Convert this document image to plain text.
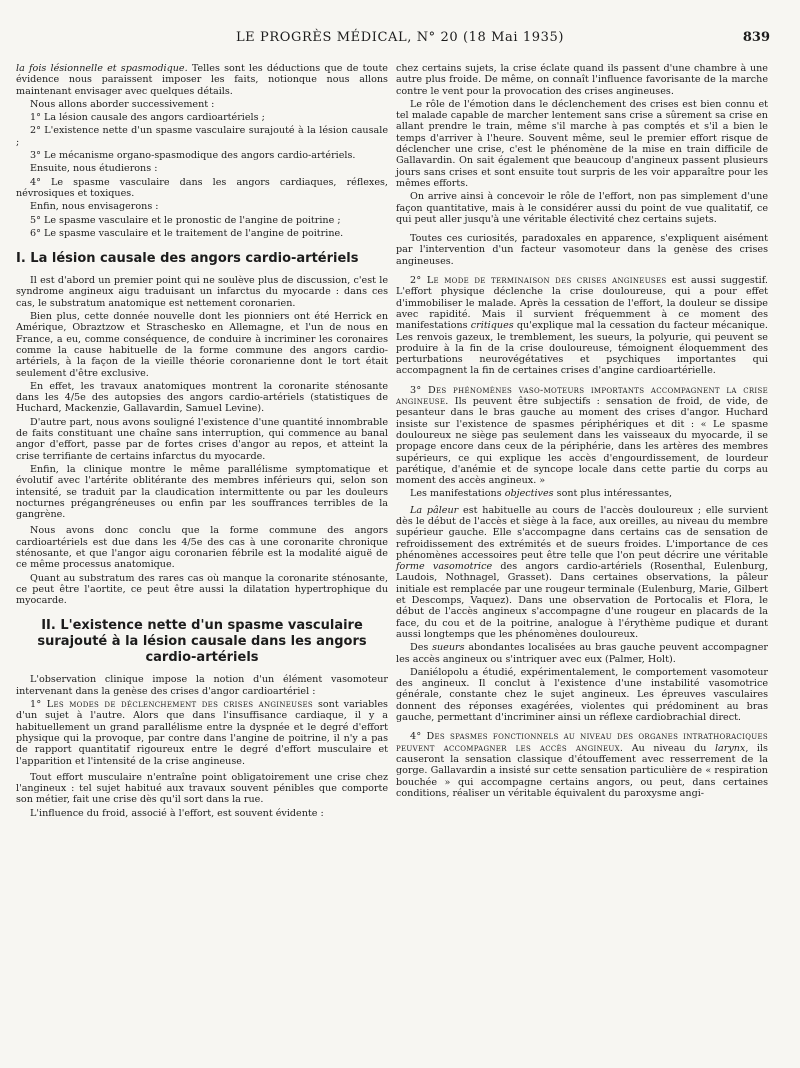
LE PROGRÈS MÉDICAL, N° 20 (18 Mai 1935)	839

la fois lésionnelle et spasmodique. Telles sont les déductions que de toute évidence nous paraissent imposer les faits, notionque nous allons maintenant envisager avec quelques détails.

Nous allons aborder successivement :

1° La lésion causale des angors cardioartériels ;
2° L'existence nette d'un spasme vasculaire surajouté à la lésion causale ;
3° Le mécanisme organo-spasmodique des angors cardio-artériels.

Ensuite, nous étudierons :

4° Le spasme vasculaire dans les angors cardiaques, réflexes, névrosiques et toxiques.

Enfin, nous envisagerons :

5° Le spasme vasculaire et le pronostic de l'angine de poitrine ;
6° Le spasme vasculaire et le traitement de l'angine de poitrine.
I. La lésion causale des angors cardio-artériels

Il est d'abord un premier point qui ne soulève plus de discussion, c'est le syndrome angineux aigu traduisant un infarctus du myocarde : dans ces cas, le substratum anatomique est nettement coronarien.

Bien plus, cette donnée nouvelle dont les pionniers ont été Herrick en Amérique, Obraztzow et Straschesko en Allemagne, et l'un de nous en France, a eu, comme conséquence, de conduire à incriminer les coronaires comme la cause habituelle de la forme commune des angors cardio-artériels, à la façon de la vieille théorie coronarienne dont le tort était seulement d'être exclusive.

En effet, les travaux anatomiques montrent la coronarite sténosante dans les 4/5e des autopsies des angors cardio-artériels (statistiques de Huchard, Mackenzie, Gallavardin, Samuel Levine).

D'autre part, nous avons souligné l'existence d'une quantité innombrable de faits constituant une chaîne sans interruption, qui commence au banal angor d'effort, passe par de fortes crises d'angor au repos, et atteint la crise terrifiante de certains infarctus du myocarde.

Enfin, la clinique montre le même parallélisme symptomatique et évolutif avec l'artérite oblitérante des membres inférieurs qui, selon son intensité, se traduit par la claudication intermittente ou par les douleurs nocturnes prégangréneuses ou enfin par les souffrances terribles de la gangrène.

Nous avons donc conclu que la forme commune des angors cardioartériels est due dans les 4/5e des cas à une coronarite chronique sténosante, et que l'angor aigu coronarien fébrile est la modalité aiguë de ce même processus anatomique.

Quant au substratum des rares cas où manque la coronarite sténosante, ce peut être l'aortite, ce peut être aussi la dilatation hypertrophique du myocarde.

II. L'existence nette d'un spasme vasculaire surajouté à la lésion causale dans les angors cardio-artériels

L'observation clinique impose la notion d'un élément vasomoteur intervenant dans la genèse des crises d'angor cardioartériel :

1° Les modes de déclenchement des crises angineuses sont variables d'un sujet à l'autre. Alors que dans l'insuffisance cardiaque, il y a habituellement un grand parallélisme entre la dyspnée et le degré d'effort physique qui la provoque, par contre dans l'angine de poitrine, il n'y a pas de rapport quantitatif rigoureux entre le degré d'effort musculaire et l'apparition et l'intensité de la crise angineuse.

Tout effort musculaire n'entraîne point obligatoirement une crise chez l'angineux : tel sujet habitué aux travaux souvent pénibles que comporte son métier, fait une crise dès qu'il sort dans la rue.

L'influence du froid, associé à l'effort, est souvent évidente :

chez certains sujets, la crise éclate quand ils passent d'une chambre à une autre plus froide. De même, on connaît l'influence favorisante de la marche contre le vent pour la provocation des crises angineuses.

Le rôle de l'émotion dans le déclenchement des crises est bien connu et tel malade capable de marcher lentement sans crise a sûrement sa crise en allant prendre le train, même s'il marche à pas comptés et s'il a bien le temps d'arriver à l'heure. Souvent même, seul le premier effort risque de déclencher une crise, c'est le phénomène de la mise en train difficile de Gallavardin. On sait également que beaucoup d'angineux passent plusieurs jours sans crises et sont ensuite tout surpris de les voir apparaître pour les mêmes efforts.

On arrive ainsi à concevoir le rôle de l'effort, non pas simplement d'une façon quantitative, mais à le considérer aussi du point de vue qualitatif, ce qui peut aller jusqu'à une véritable électivité chez certains sujets.

Toutes ces curiosités, paradoxales en apparence, s'expliquent aisément par l'intervention d'un facteur vasomoteur dans la genèse des crises angineuses.

2° Le mode de terminaison des crises angineuses est aussi suggestif. L'effort physique déclenche la crise douloureuse, qui a pour effet d'immobiliser le malade. Après la cessation de l'effort, la douleur se dissipe avec rapidité. Mais il survient fréquemment à ce moment des manifestations critiques qu'explique mal la cessation du facteur mécanique. Les renvois gazeux, le tremblement, les sueurs, la polyurie, qui peuvent se produire à la fin de la crise douloureuse, témoignent éloquemment des perturbations neurovégétatives et psychiques importantes qui accompagnent la fin de certaines crises d'angine cardioartérielle.

3° Des phénomènes vaso-moteurs importants accompagnent la crise angineuse. Ils peuvent être subjectifs : sensation de froid, de vide, de pesanteur dans le bras gauche au moment des crises d'angor. Huchard insiste sur l'existence de spasmes périphériques et dit : « Le spasme douloureux ne siège pas seulement dans les vaisseaux du myocarde, il se propage encore dans ceux de la périphérie, dans les artères des membres supérieurs, ce qui explique les accès d'engourdissement, de lourdeur parétique, d'anémie et de syncope locale dans cette partie du corps au moment des accès angineux. »

Les manifestations objectives sont plus intéressantes,

La pâleur est habituelle au cours de l'accès douloureux ; elle survient dès le début de l'accès et siège à la face, aux oreilles, au niveau du membre supérieur gauche. Elle s'accompagne dans certains cas de sensation de refroidissement des extrémités et de sueurs froides. L'importance de ces phénomènes accessoires peut être telle que l'on peut décrire une véritable forme vasomotrice des angors cardio-artériels (Rosenthal, Eulenburg, Laudois, Nothnagel, Grasset). Dans certaines observations, la pâleur initiale est remplacée par une rougeur terminale (Eulenburg, Marie, Gilbert et Descomps, Vaquez). Dans une observation de Portocalis et Flora, le début de l'accès angineux s'accompagne d'une rougeur en placards de la face, du cou et de la poitrine, analogue à l'érythème pudique et durant aussi longtemps que les phénomènes douloureux.

Des sueurs abondantes localisées au bras gauche peuvent accompagner les accès angineux ou s'intriquer avec eux (Palmer, Holt).

Daniélopolu a étudié, expérimentalement, le comportement vasomoteur des angineux. Il conclut à l'existence d'une instabilité vasomotrice générale, constante chez le sujet angineux. Les épreuves vasculaires donnent des réponses exagérées, violentes qui prédominent au bras gauche, permettant d'incriminer ainsi un réflexe cardiobrachial direct.

4° Des spasmes fonctionnels au niveau des organes intrathoraciques peuvent accompagner les accès angineux. Au niveau du larynx, ils causeront la sensation classique d'étouffement avec resserrement de la gorge. Gallavardin a insisté sur cette sensation particulière de « respiration bouchée » qui accompagne certains angors, ou peut, dans certaines conditions, réaliser un véritable équivalent du paroxysme angi-
